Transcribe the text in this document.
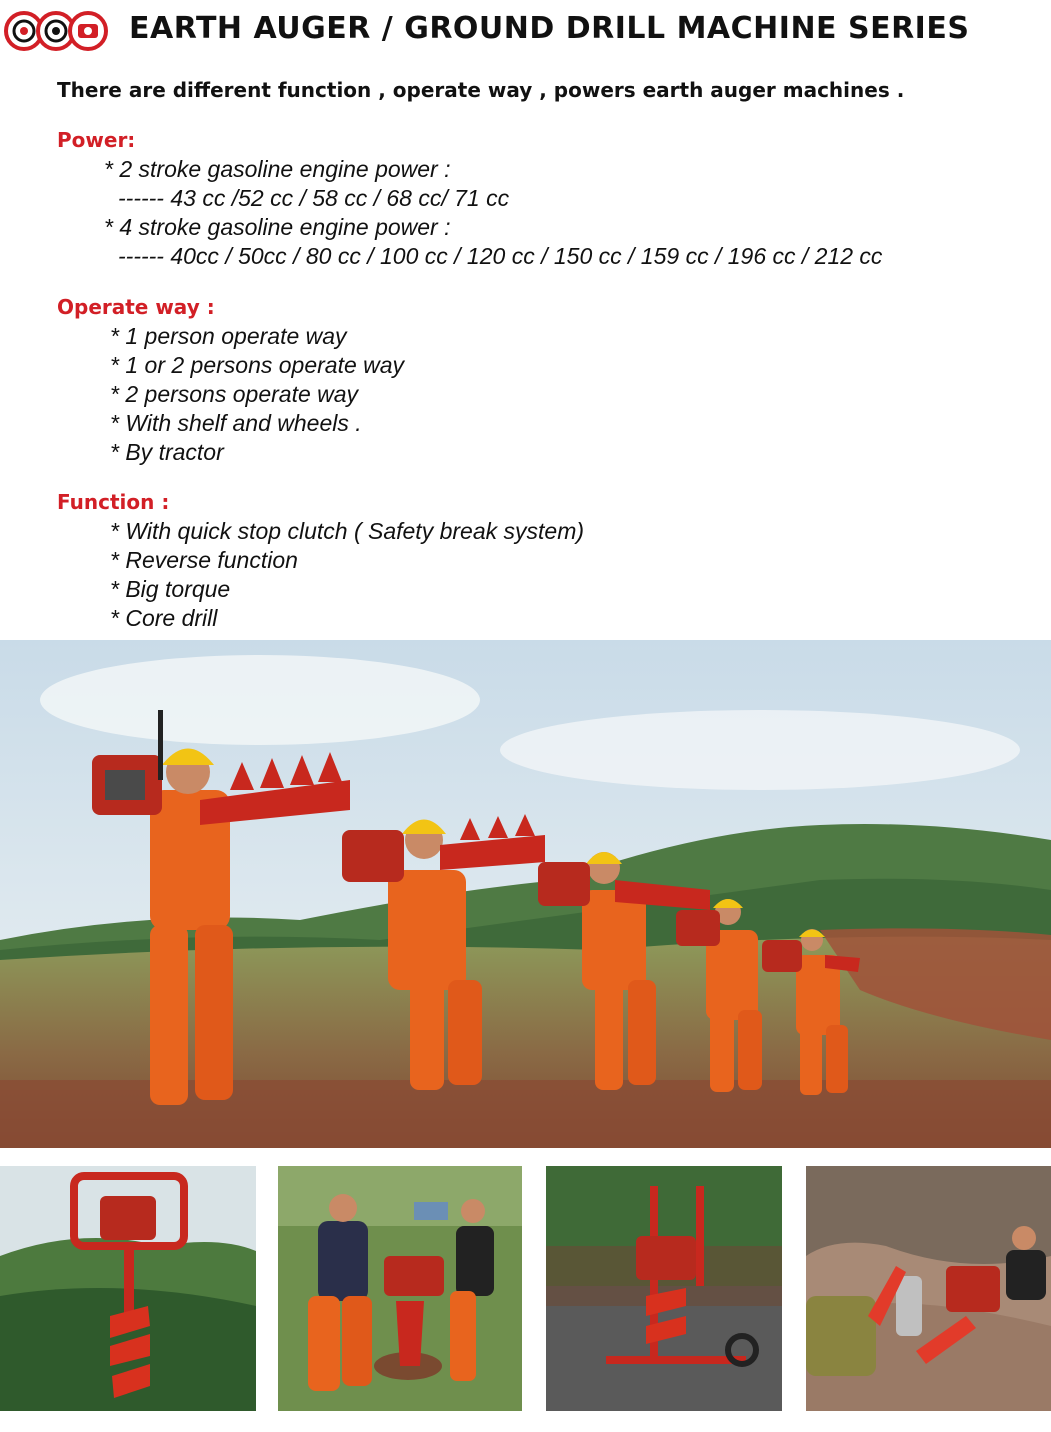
EARTH AUGER / GROUND DRILL MACHINE SERIES
There are different function , operate way , powers earth auger machines .
Power:
* 2 stroke gasoline engine power :
------ 43 cc /52 cc / 58 cc / 68 cc/ 71 cc
* 4 stroke gasoline engine power :
------ 40cc / 50cc / 80 cc / 100 cc / 120 cc / 150 cc / 159 cc / 196 cc / 212 cc
Operate way :
* 1 person operate way
* 1 or 2 persons operate way
* 2 persons operate way
* With shelf and wheels .
* By tractor
Function :
* With quick stop clutch ( Safety break system)
* Reverse function
* Big torque
* Core drill
